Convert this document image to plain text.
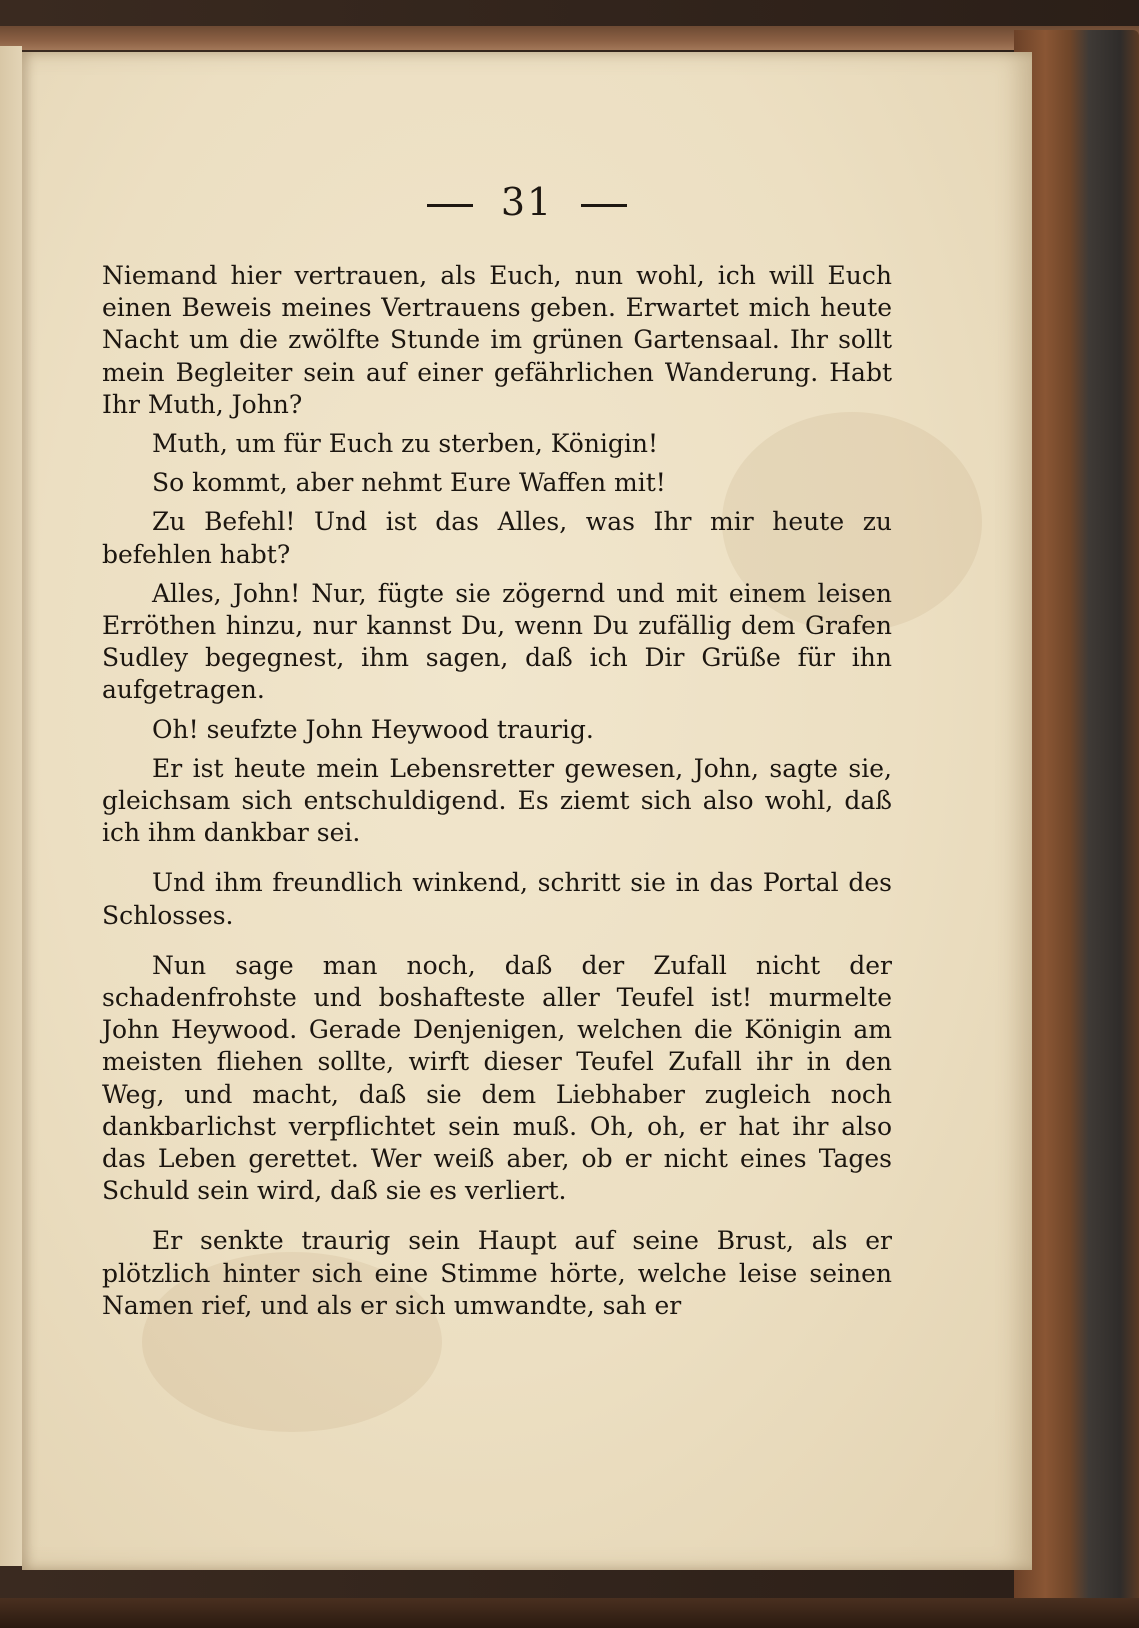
31

Niemand hier vertrauen, als Euch, nun wohl, ich will Euch einen Beweis meines Vertrauens geben. Erwartet mich heute Nacht um die zwölfte Stunde im grünen Gartensaal. Ihr sollt mein Begleiter sein auf einer gefährlichen Wanderung. Habt Ihr Muth, John?

Muth, um für Euch zu sterben, Königin!

So kommt, aber nehmt Eure Waffen mit!

Zu Befehl! Und ist das Alles, was Ihr mir heute zu befehlen habt?

Alles, John! Nur, fügte sie zögernd und mit einem leisen Erröthen hinzu, nur kannst Du, wenn Du zufällig dem Grafen Sudley begegnest, ihm sagen, daß ich Dir Grüße für ihn aufgetragen.

Oh! seufzte John Heywood traurig.

Er ist heute mein Lebensretter gewesen, John, sagte sie, gleichsam sich entschuldigend. Es ziemt sich also wohl, daß ich ihm dankbar sei.

Und ihm freundlich winkend, schritt sie in das Portal des Schlosses.

Nun sage man noch, daß der Zufall nicht der schadenfrohste und boshafteste aller Teufel ist! murmelte John Heywood. Gerade Denjenigen, welchen die Königin am meisten fliehen sollte, wirft dieser Teufel Zufall ihr in den Weg, und macht, daß sie dem Liebhaber zugleich noch dankbarlichst verpflichtet sein muß. Oh, oh, er hat ihr also das Leben gerettet. Wer weiß aber, ob er nicht eines Tages Schuld sein wird, daß sie es verliert.

Er senkte traurig sein Haupt auf seine Brust, als er plötzlich hinter sich eine Stimme hörte, welche leise seinen Namen rief, und als er sich umwandte, sah er
